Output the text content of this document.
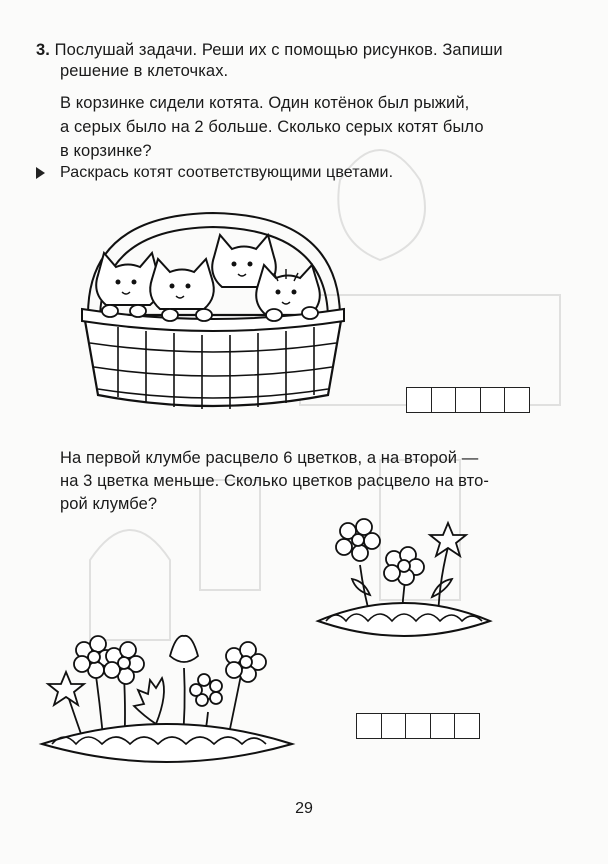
3. Послушай задачи. Реши их с помощью рисунков. Запиши
решение в клеточках.
В корзинке сидели котята. Один котёнок был рыжий,
а серых было на 2 больше. Сколько серых котят было
в корзинке?
Раскрась котят соответствующими цветами.
На первой клумбе расцвело 6 цветков, а на второй —
на 3 цветка меньше. Сколько цветков расцвело на вто-
рой клумбе?
29
